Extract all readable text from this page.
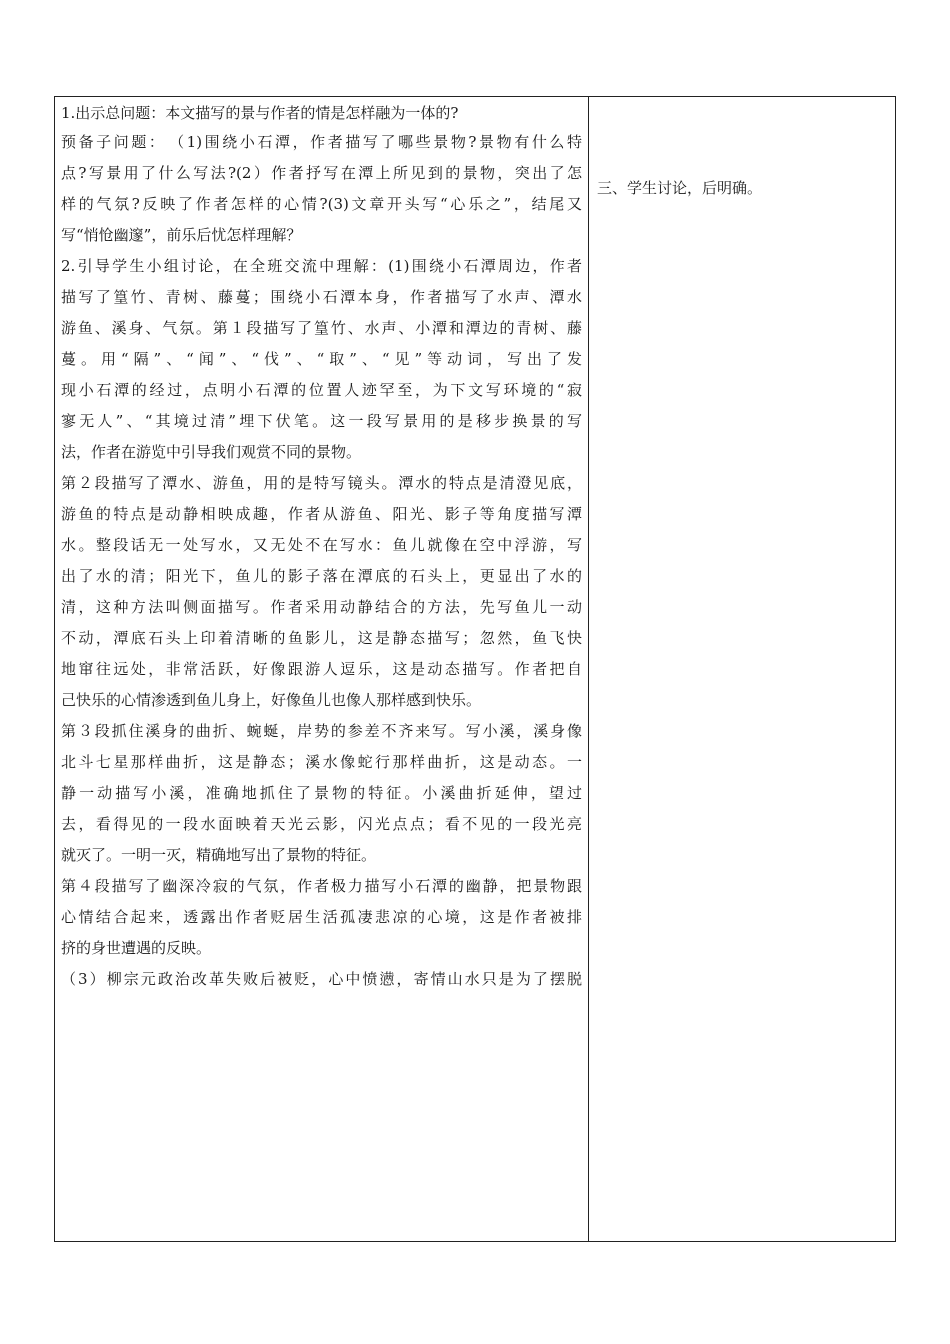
1.出示总问题：本文描写的景与作者的情是怎样融为一体的?
预备子问题：　（1)围绕小石潭，作者描写了哪些景物?景物有什么特
点?写景用了什么写法?(2）作者抒写在潭上所见到的景物，突出了怎
样的气氛?反映了作者怎样的心情?(3)文章开头写“心乐之”，结尾又
写“悄怆幽邃”，前乐后忧怎样理解？
2.引导学生小组讨论，在全班交流中理解：(1)围绕小石潭周边，作者
描写了篁竹、青树、藤蔓；围绕小石潭本身，作者描写了水声、潭水
游鱼、溪身、气氛。第１段描写了篁竹、水声、小潭和潭边的青树、藤
蔓。用“隔”、“闻”、“伐”、“取”、“见”等动词，写出了发
现小石潭的经过，点明小石潭的位置人迹罕至，为下文写环境的“寂
寥无人”、“其境过清”埋下伏笔。这一段写景用的是移步换景的写
法，作者在游览中引导我们观赏不同的景物。
第２段描写了潭水、游鱼，用的是特写镜头。潭水的特点是清澄见底，
游鱼的特点是动静相映成趣，作者从游鱼、阳光、影子等角度描写潭
水。整段话无一处写水，又无处不在写水：鱼儿就像在空中浮游，写
出了水的清；阳光下，鱼儿的影子落在潭底的石头上，更显出了水的
清，这种方法叫侧面描写。作者采用动静结合的方法，先写鱼儿一动
不动，潭底石头上印着清晰的鱼影儿，这是静态描写；忽然，鱼飞快
地窜往远处，非常活跃，好像跟游人逗乐，这是动态描写。作者把自
己快乐的心情渗透到鱼儿身上，好像鱼儿也像人那样感到快乐。
第３段抓住溪身的曲折、蜿蜒，岸势的参差不齐来写。写小溪，溪身像
北斗七星那样曲折，这是静态；溪水像蛇行那样曲折，这是动态。一
静一动描写小溪，准确地抓住了景物的特征。小溪曲折延伸，望过
去，看得见的一段水面映着天光云影，闪光点点；看不见的一段光亮
就灭了。一明一灭，精确地写出了景物的特征。
第４段描写了幽深冷寂的气氛，作者极力描写小石潭的幽静，把景物跟
心情结合起来，透露出作者贬居生活孤凄悲凉的心境，这是作者被排
挤的身世遭遇的反映。
（3）柳宗元政治改革失败后被贬，心中愤懑，寄情山水只是为了摆脱
三、学生讨论，后明确。
